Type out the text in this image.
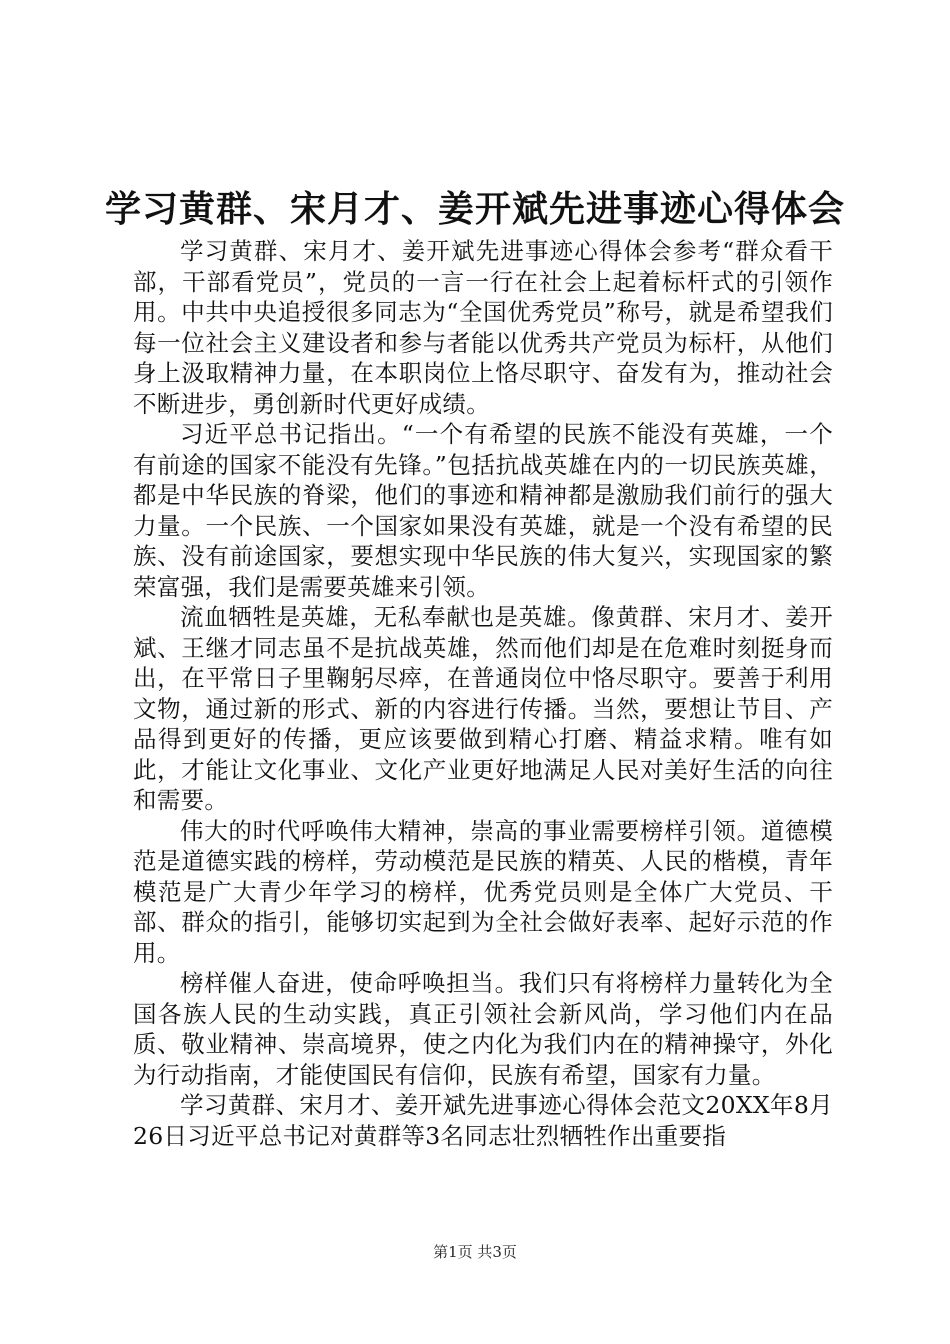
学习黄群、宋月才、姜开斌先进事迹心得体会

学习黄群、宋月才、姜开斌先进事迹心得体会参考“群众看干部，干部看党员”，党员的一言一行在社会上起着标杆式的引领作用。中共中央追授很多同志为“全国优秀党员”称号，就是希望我们每一位社会主义建设者和参与者能以优秀共产党员为标杆，从他们身上汲取精神力量，在本职岗位上恪尽职守、奋发有为，推动社会不断进步，勇创新时代更好成绩。

习近平总书记指出。“一个有希望的民族不能没有英雄，一个有前途的国家不能没有先锋。”包括抗战英雄在内的一切民族英雄，都是中华民族的脊梁，他们的事迹和精神都是激励我们前行的强大力量。一个民族、一个国家如果没有英雄，就是一个没有希望的民族、没有前途国家，要想实现中华民族的伟大复兴，实现国家的繁荣富强，我们是需要英雄来引领。

流血牺牲是英雄，无私奉献也是英雄。像黄群、宋月才、姜开斌、王继才同志虽不是抗战英雄，然而他们却是在危难时刻挺身而出，在平常日子里鞠躬尽瘁，在普通岗位中恪尽职守。要善于利用文物，通过新的形式、新的内容进行传播。当然，要想让节目、产品得到更好的传播，更应该要做到精心打磨、精益求精。唯有如此，才能让文化事业、文化产业更好地满足人民对美好生活的向往和需要。

伟大的时代呼唤伟大精神，崇高的事业需要榜样引领。道德模范是道德实践的榜样，劳动模范是民族的精英、人民的楷模，青年模范是广大青少年学习的榜样，优秀党员则是全体广大党员、干部、群众的指引，能够切实起到为全社会做好表率、起好示范的作用。

榜样催人奋进，使命呼唤担当。我们只有将榜样力量转化为全国各族人民的生动实践，真正引领社会新风尚，学习他们内在品质、敬业精神、崇高境界，使之内化为我们内在的精神操守，外化为行动指南，才能使国民有信仰，民族有希望，国家有力量。

学习黄群、宋月才、姜开斌先进事迹心得体会范文20XX年8月26日习近平总书记对黄群等3名同志壮烈牺牲作出重要指

第1页 共3页
